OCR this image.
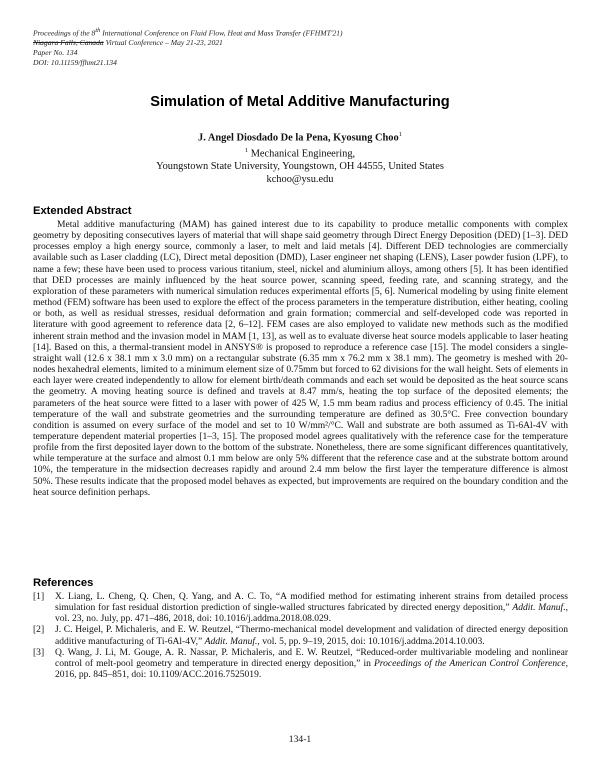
Proceedings of the 8th International Conference on Fluid Flow, Heat and Mass Transfer (FFHMT'21)
Niagara Falls, Canada Virtual Conference – May 21-23, 2021
Paper No. 134
DOI: 10.11159/ffhmt21.134
Simulation of Metal Additive Manufacturing
J. Angel Diosdado De la Pena, Kyosung Choo$^1$
$^1$ Mechanical Engineering,
Youngstown State University, Youngstown, OH 44555, United States
kchoo@ysu.edu
Extended Abstract

Metal additive manufacturing (MAM) has gained interest due to its capability to produce metallic components with complex geometry by depositing consecutives layers of material that will shape said geometry through Direct Energy Deposition (DED) [1–3]. DED processes employ a high energy source, commonly a laser, to melt and laid metals [4]. Different DED technologies are commercially available such as Laser cladding (LC), Direct metal deposition (DMD), Laser engineer net shaping (LENS), Laser powder fusion (LPF), to name a few; these have been used to process various titanium, steel, nickel and aluminium alloys, among others [5]. It has been identified that DED processes are mainly influenced by the heat source power, scanning speed, feeding rate, and scanning strategy, and the exploration of these parameters with numerical simulation reduces experimental efforts [5, 6]. Numerical modeling by using finite element method (FEM) software has been used to explore the effect of the process parameters in the temperature distribution, either heating, cooling or both, as well as residual stresses, residual deformation and grain formation; commercial and self-developed code was reported in literature with good agreement to reference data [2, 6–12]. FEM cases are also employed to validate new methods such as the modified inherent strain method and the invasion model in MAM [1, 13], as well as to evaluate diverse heat source models applicable to laser heating [14]. Based on this, a thermal-transient model in ANSYS® is proposed to reproduce a reference case [15]. The model considers a single-straight wall (12.6 x 38.1 mm x 3.0 mm) on a rectangular substrate (6.35 mm x 76.2 mm x 38.1 mm). The geometry is meshed with 20-nodes hexahedral elements, limited to a minimum element size of 0.75mm but forced to 62 divisions for the wall height. Sets of elements in each layer were created independently to allow for element birth/death commands and each set would be deposited as the heat source scans the geometry. A moving heating source is defined and travels at 8.47 mm/s, heating the top surface of the deposited elements; the parameters of the heat source were fitted to a laser with power of 425 W, 1.5 mm beam radius and process efficiency of 0.45. The initial temperature of the wall and substrate geometries and the surrounding temperature are defined as 30.5°C. Free convection boundary condition is assumed on every surface of the model and set to 10 W/mm²/°C. Wall and substrate are both assumed as Ti-6Al-4V with temperature dependent material properties [1–3, 15]. The proposed model agrees qualitatively with the reference case for the temperature profile from the first deposited layer down to the bottom of the substrate. Nonetheless, there are some significant differences quantitatively, while temperature at the surface and almost 0.1 mm below are only 5% different that the reference case and at the substrate bottom around 10%, the temperature in the midsection decreases rapidly and around 2.4 mm below the first layer the temperature difference is almost 50%. These results indicate that the proposed model behaves as expected, but improvements are required on the boundary condition and the heat source definition perhaps.

References
[1]	X. Liang, L. Cheng, Q. Chen, Q. Yang, and A. C. To, “A modified method for estimating inherent strains from detailed process simulation for fast residual distortion prediction of single-walled structures fabricated by directed energy deposition,” Addit. Manuf., vol. 23, no. July, pp. 471–486, 2018, doi: 10.1016/j.addma.2018.08.029.
[2]	J. C. Heigel, P. Michaleris, and E. W. Reutzel, “Thermo-mechanical model development and validation of directed energy deposition additive manufacturing of Ti-6Al-4V,” Addit. Manuf., vol. 5, pp. 9–19, 2015, doi: 10.1016/j.addma.2014.10.003.
[3]	Q. Wang, J. Li, M. Gouge, A. R. Nassar, P. Michaleris, and E. W. Reutzel, “Reduced-order multivariable modeling and nonlinear control of melt-pool geometry and temperature in directed energy deposition,” in Proceedings of the American Control Conference, 2016, pp. 845–851, doi: 10.1109/ACC.2016.7525019.
134-1
